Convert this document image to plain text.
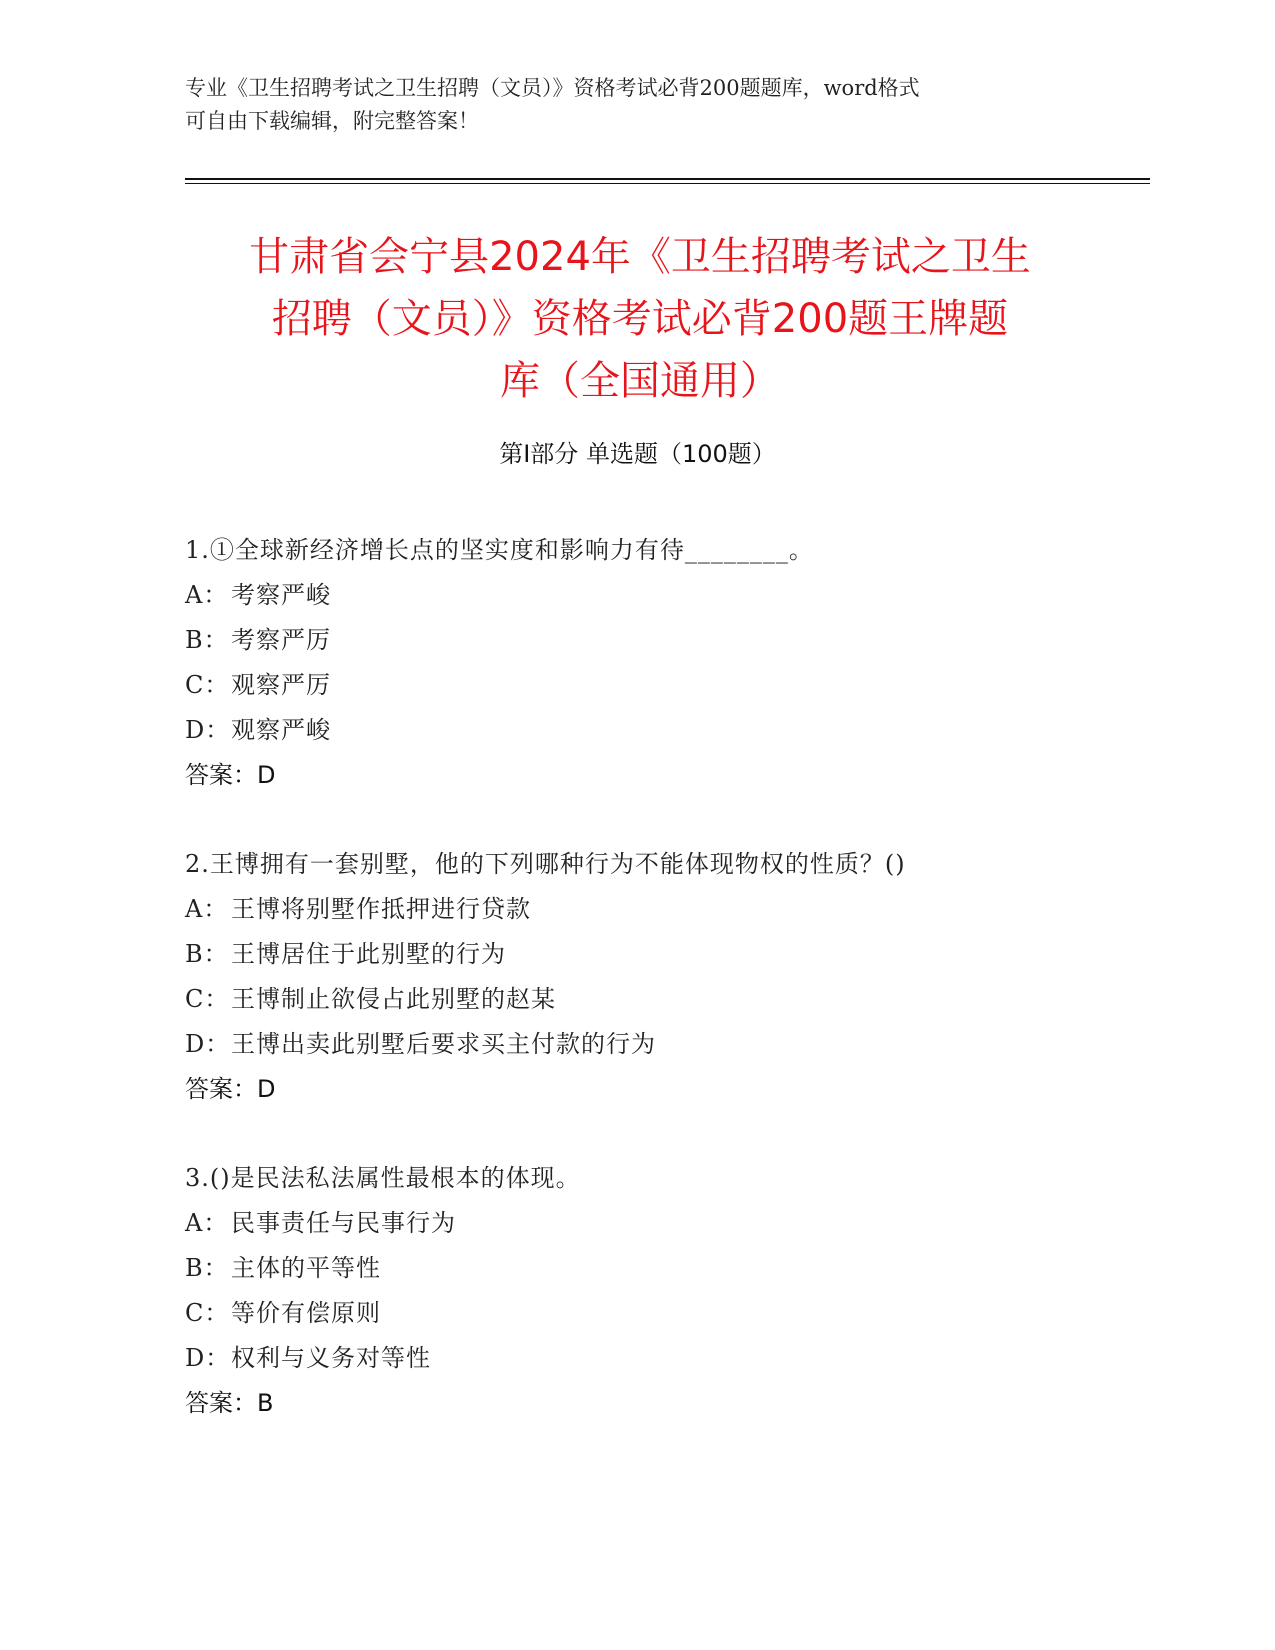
专业《卫生招聘考试之卫生招聘（文员）》资格考试必背200题题库，word格式
可自由下载编辑，附完整答案！
甘肃省会宁县2024年《卫生招聘考试之卫生
招聘（文员）》资格考试必背200题王牌题
库（全国通用）
第Ⅰ部分 单选题（100题）
1.①全球新经济增长点的坚实度和影响力有待________。
A： 考察严峻
B：考察严厉
C：观察严厉
D：观察严峻
答案：D
2.王博拥有一套别墅，他的下列哪种行为不能体现物权的性质？()
A： 王博将别墅作抵押进行贷款
B：王博居住于此别墅的行为
C：王博制止欲侵占此别墅的赵某
D：王博出卖此别墅后要求买主付款的行为
答案：D
3.()是民法私法属性最根本的体现。
A： 民事责任与民事行为
B：主体的平等性
C：等价有偿原则
D：权利与义务对等性
答案：B
